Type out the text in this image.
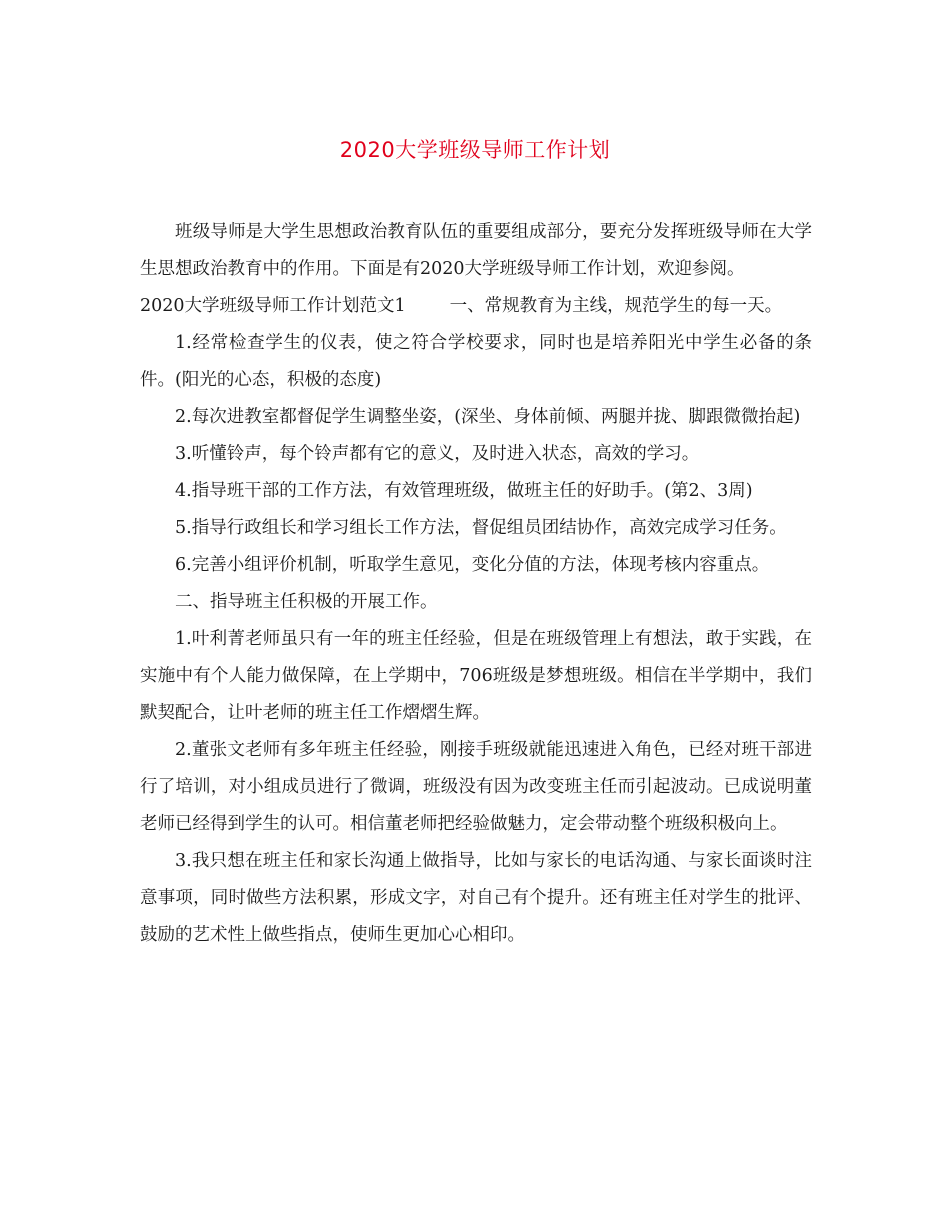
2020大学班级导师工作计划

班级导师是大学生思想政治教育队伍的重要组成部分，要充分发挥班级导师在大学生思想政治教育中的作用。下面是有2020大学班级导师工作计划，欢迎参阅。

2020大学班级导师工作计划范文1	一、常规教育为主线，规范学生的每一天。

1.经常检查学生的仪表，使之符合学校要求，同时也是培养阳光中学生必备的条件。(阳光的心态，积极的态度)

2.每次进教室都督促学生调整坐姿，(深坐、身体前倾、两腿并拢、脚跟微微抬起)

3.听懂铃声，每个铃声都有它的意义，及时进入状态，高效的学习。

4.指导班干部的工作方法，有效管理班级，做班主任的好助手。(第2、3周)

5.指导行政组长和学习组长工作方法，督促组员团结协作，高效完成学习任务。

6.完善小组评价机制，听取学生意见，变化分值的方法，体现考核内容重点。

二、指导班主任积极的开展工作。

1.叶利菁老师虽只有一年的班主任经验，但是在班级管理上有想法，敢于实践，在实施中有个人能力做保障，在上学期中，706班级是梦想班级。相信在半学期中，我们默契配合，让叶老师的班主任工作熠熠生辉。

2.董张文老师有多年班主任经验，刚接手班级就能迅速进入角色，已经对班干部进行了培训，对小组成员进行了微调，班级没有因为改变班主任而引起波动。已成说明董老师已经得到学生的认可。相信董老师把经验做魅力，定会带动整个班级积极向上。

3.我只想在班主任和家长沟通上做指导，比如与家长的电话沟通、与家长面谈时注意事项，同时做些方法积累，形成文字，对自己有个提升。还有班主任对学生的批评、鼓励的艺术性上做些指点，使师生更加心心相印。
